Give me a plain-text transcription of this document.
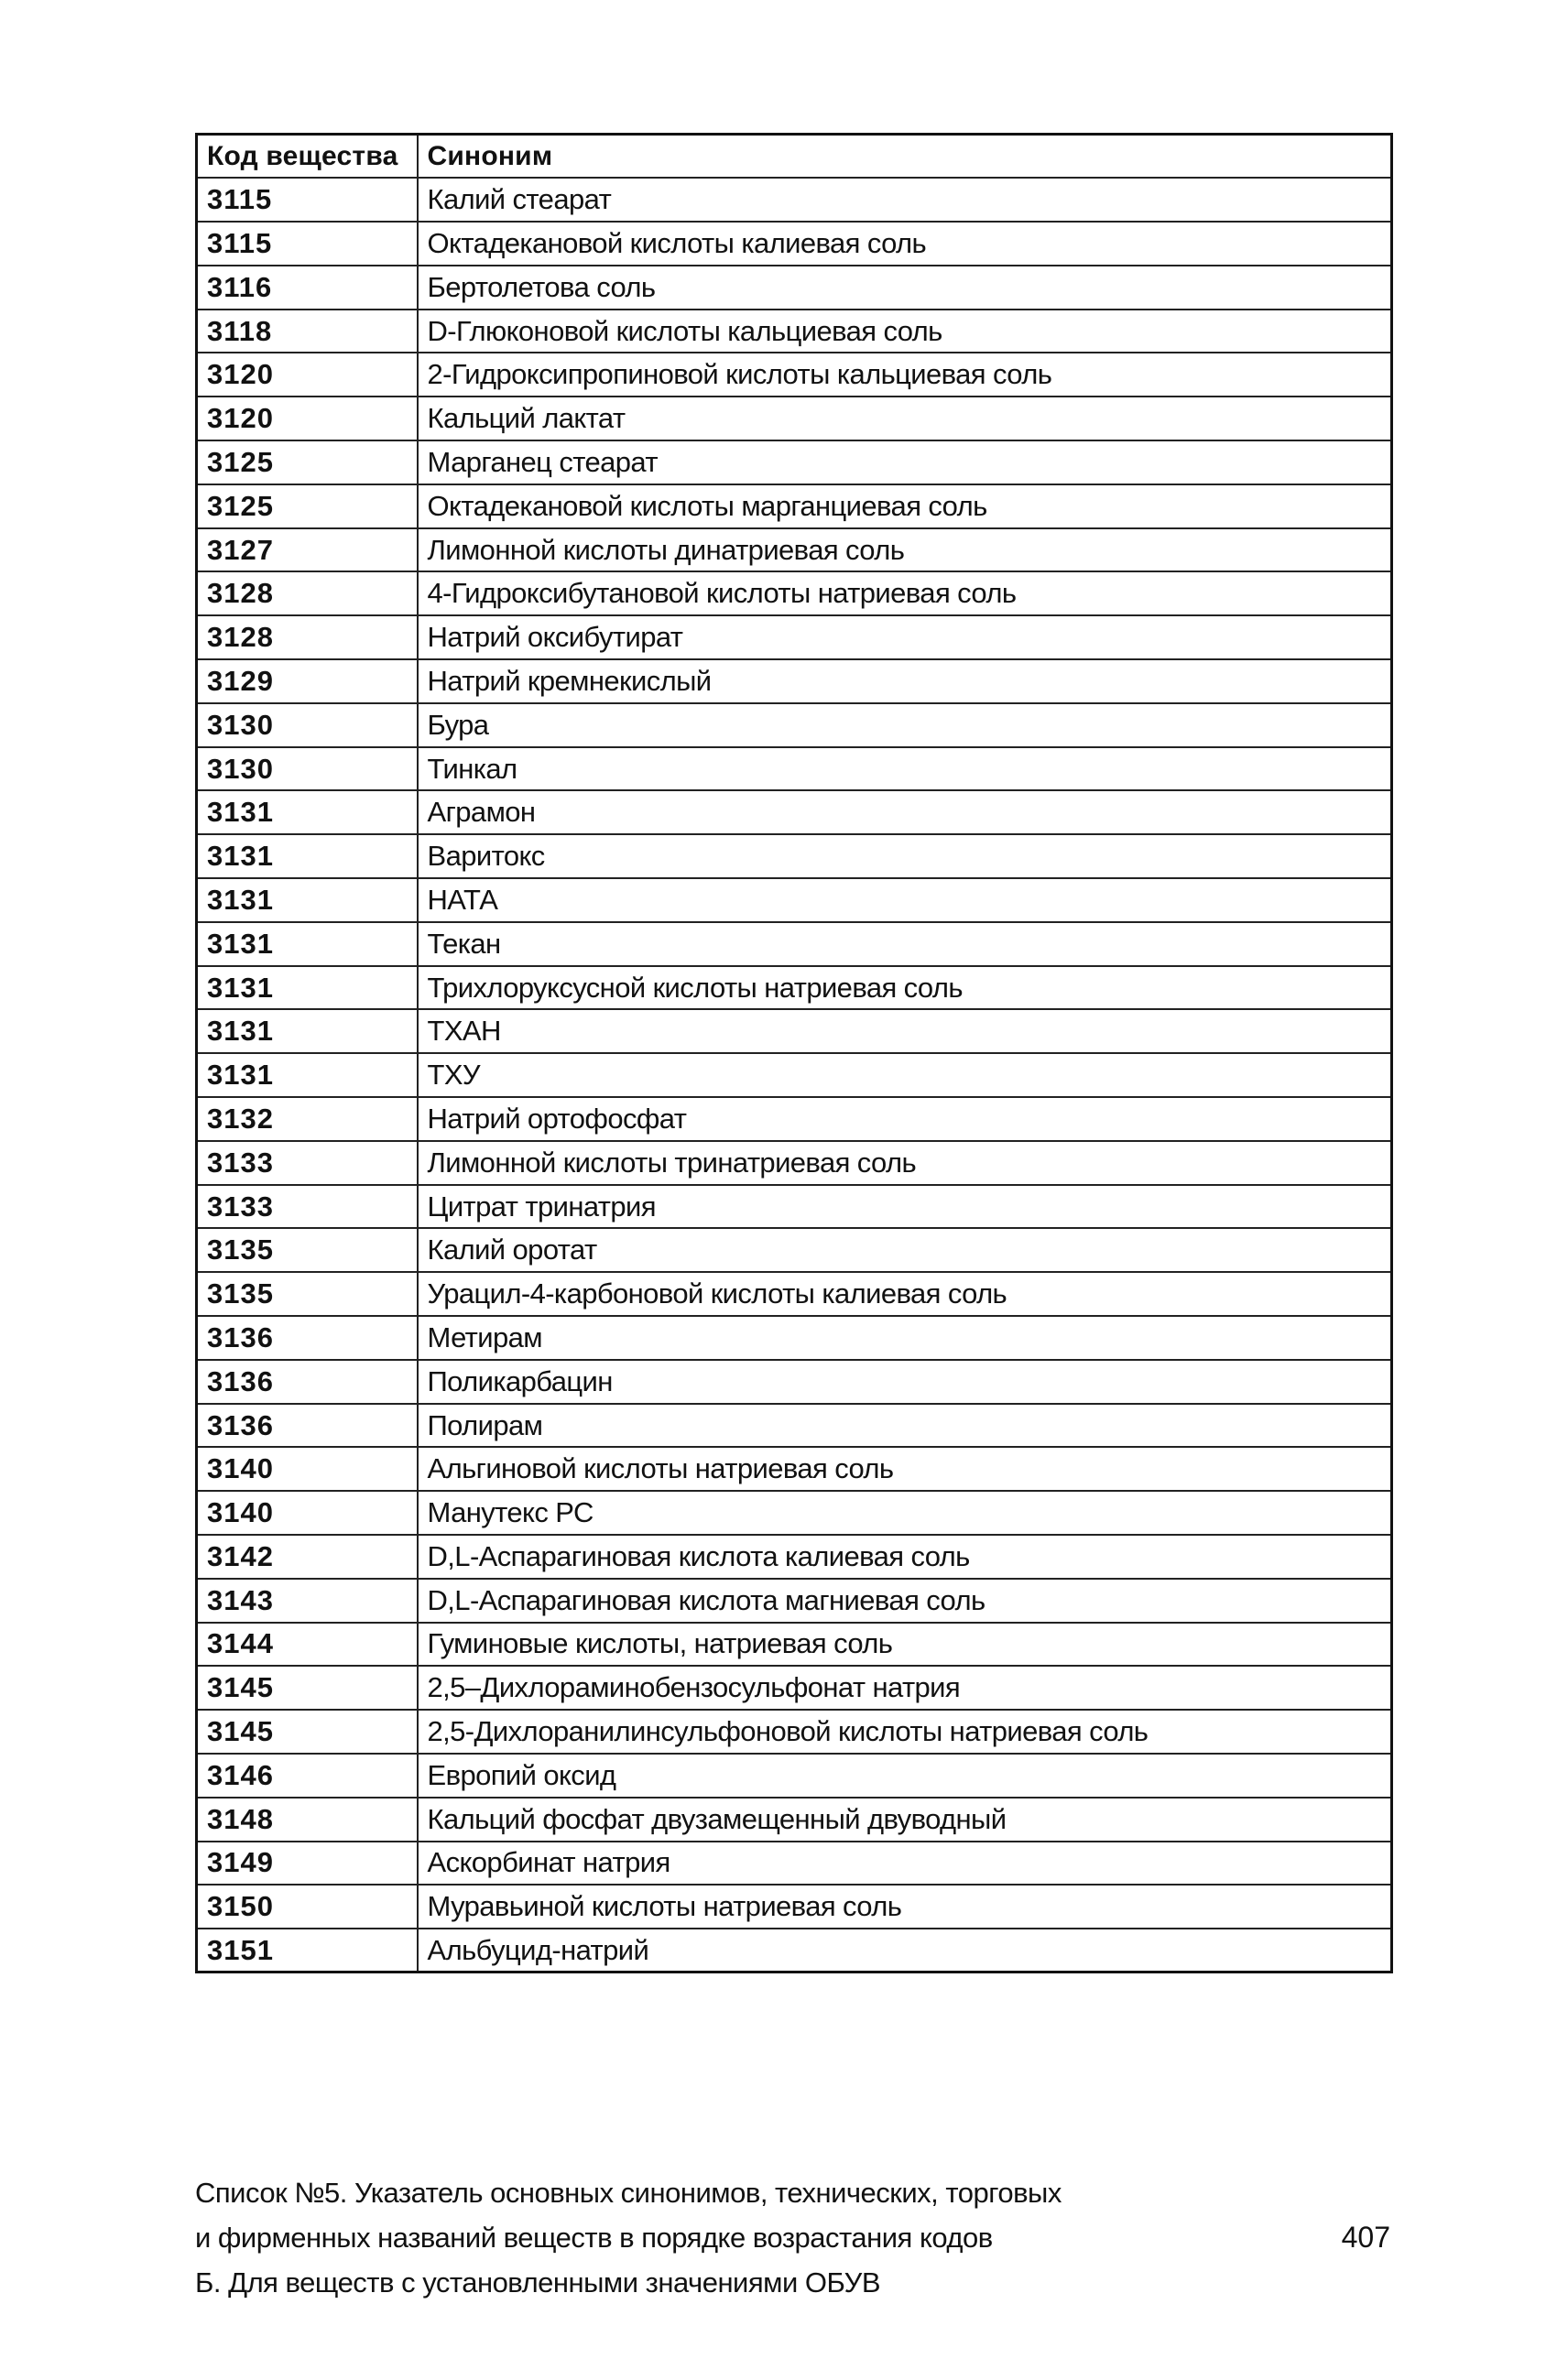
Код вещества	Синоним
3115	Калий стеарат
3115	Октадекановой кислоты калиевая соль
3116	Бертолетова соль
3118	D-Глюконовой кислоты кальциевая соль
3120	2-Гидроксипропиновой кислоты кальциевая соль
3120	Кальций лактат
3125	Марганец стеарат
3125	Октадекановой кислоты марганциевая соль
3127	Лимонной кислоты динатриевая соль
3128	4-Гидроксибутановой кислоты натриевая соль
3128	Натрий оксибутират
3129	Натрий кремнекислый
3130	Бура
3130	Тинкал
3131	Аграмон
3131	Варитокс
3131	НАТА
3131	Текан
3131	Трихлоруксусной кислоты натриевая соль
3131	ТХАН
3131	ТХУ
3132	Натрий ортофосфат
3133	Лимонной кислоты тринатриевая соль
3133	Цитрат тринатрия
3135	Калий оротат
3135	Урацил-4-карбоновой кислоты калиевая соль
3136	Метирам
3136	Поликарбацин
3136	Полирам
3140	Альгиновой кислоты натриевая соль
3140	Манутекс РС
3142	D,L-Аспарагиновая кислота калиевая соль
3143	D,L-Аспарагиновая кислота магниевая соль
3144	Гуминовые кислоты, натриевая соль
3145	2,5–Дихлораминобензосульфонат натрия
3145	2,5-Дихлоранилинсульфоновой кислоты натриевая соль
3146	Европий оксид
3148	Кальций фосфат двузамещенный двуводный
3149	Аскорбинат натрия
3150	Муравьиной кислоты натриевая соль
3151	Альбуцид-натрий
Список №5. Указатель основных синонимов, технических, торговых
и фирменных названий веществ в порядке возрастания кодов
Б. Для веществ с установленными значениями ОБУВ
407
